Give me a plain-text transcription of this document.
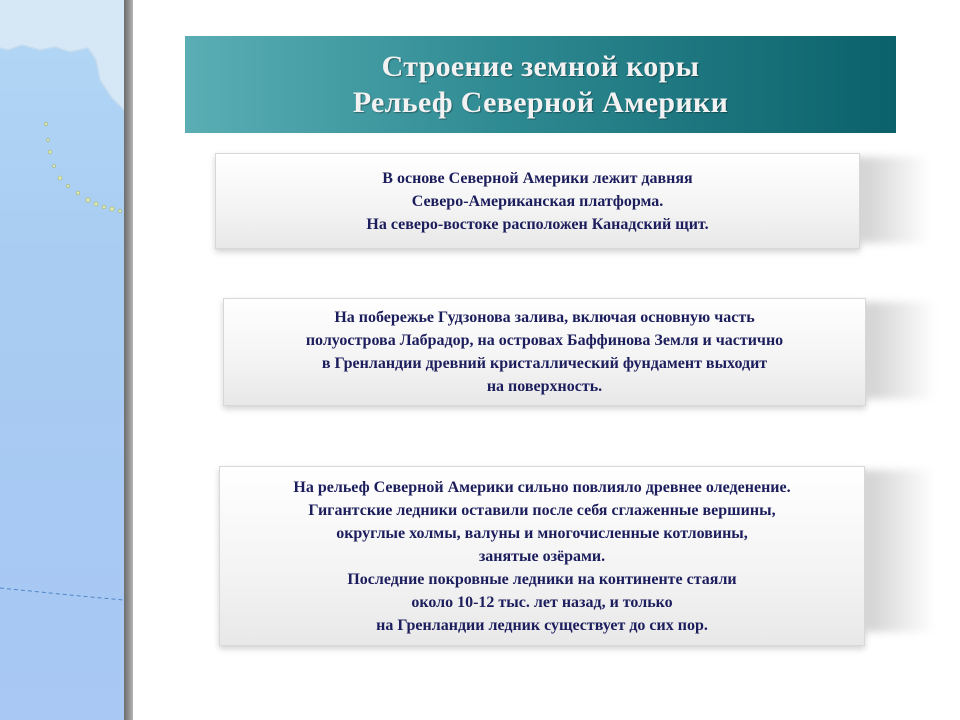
Строение земной коры
Рельеф Северной Америки
В основе Северной Америки лежит давняя
Северо-Американская платформа.
На северо-востоке расположен Канадский щит.
На побережье Гудзонова залива, включая основную часть
полуострова Лабрадор, на островах Баффинова Земля и частично
в Гренландии древний кристаллический фундамент выходит
на поверхность.
На рельеф Северной Америки сильно повлияло древнее оледенение.
Гигантские ледники оставили после себя сглаженные вершины,
округлые холмы, валуны и многочисленные котловины,
занятые озёрами.
Последние покровные ледники на континенте стаяли
около 10-12 тыс. лет назад, и только
на Гренландии ледник существует до сих пор.
